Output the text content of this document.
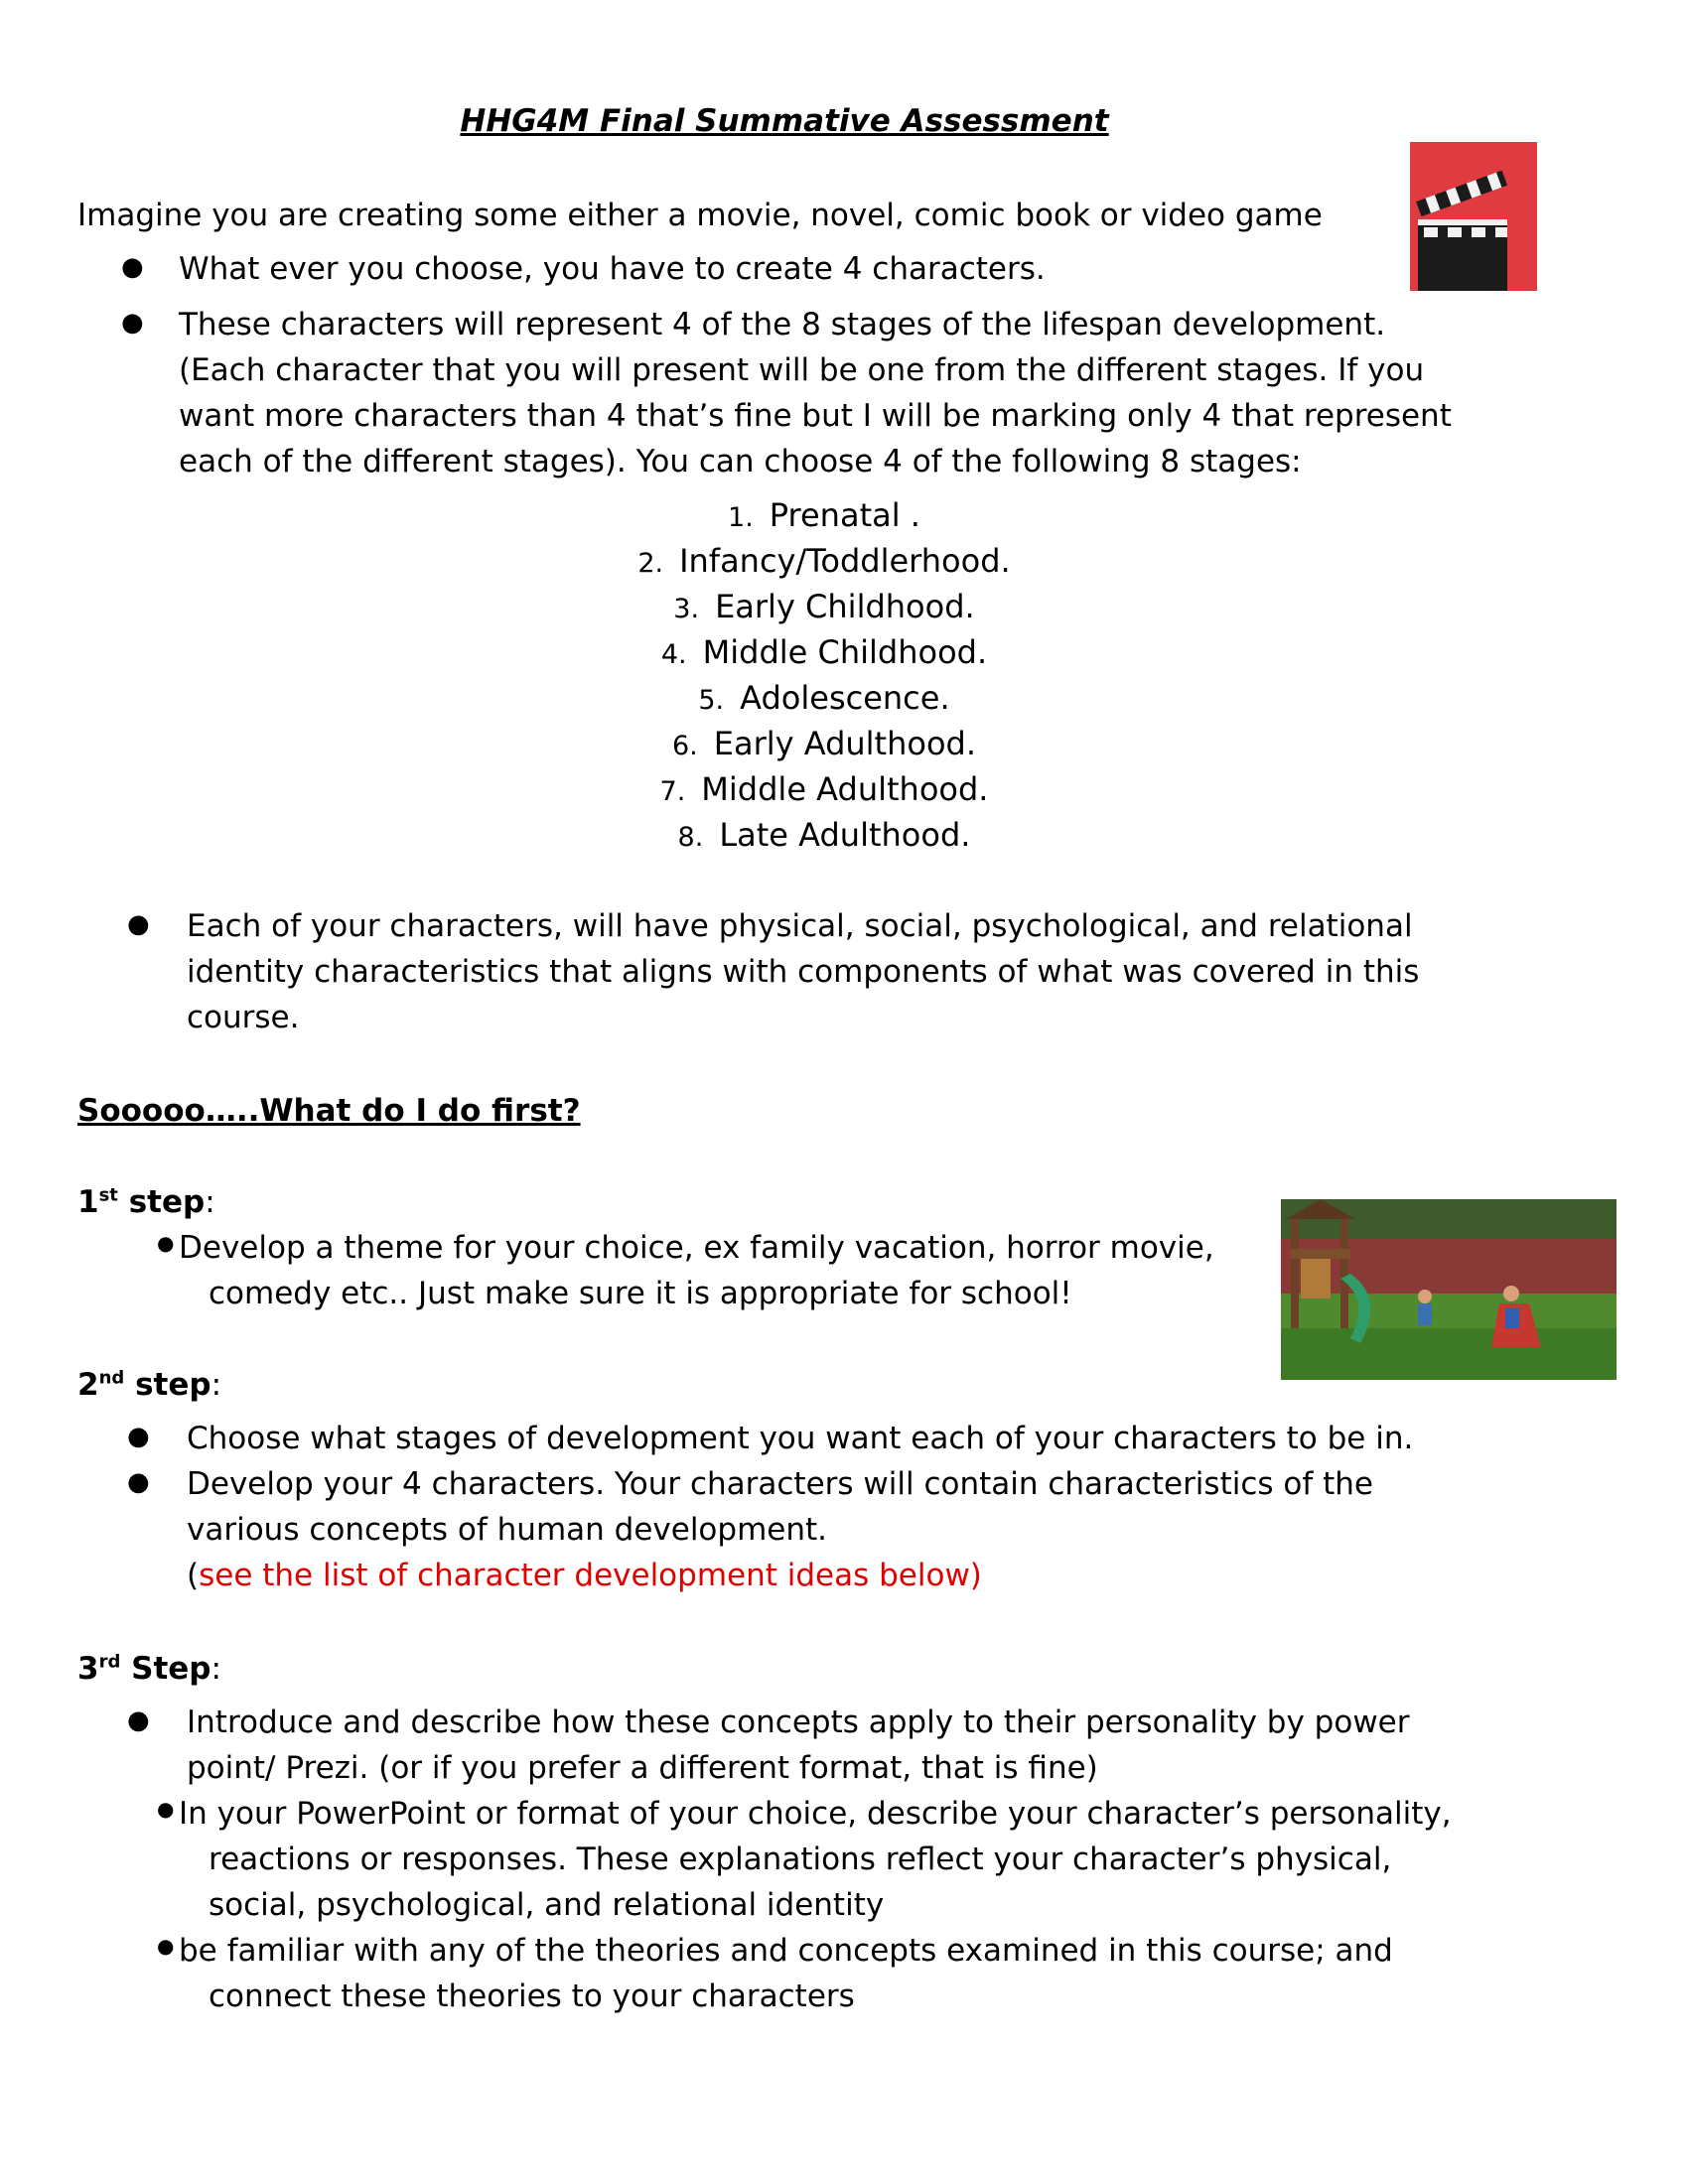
HHG4M Final Summative Assessment
Imagine you are creating some either a movie, novel, comic book or video game
● What ever you choose, you have to create 4 characters.
● These characters will represent 4 of the 8 stages of the lifespan development.
(Each character that you will present will be one from the different stages. If you
want more characters than 4 that’s fine but I will be marking only 4 that represent
each of the different stages). You can choose 4 of the following 8 stages:
1. Prenatal .
2. Infancy/Toddlerhood.
3. Early Childhood.
4. Middle Childhood.
5. Adolescence.
6. Early Adulthood.
7. Middle Adulthood.
8. Late Adulthood.
● Each of your characters, will have physical, social, psychological, and relational
identity characteristics that aligns with components of what was covered in this
course.
Sooooo…..What do I do first?
1st step:
● Develop a theme for your choice, ex family vacation, horror movie,
comedy etc.. Just make sure it is appropriate for school!
2nd step:
● Choose what stages of development you want each of your characters to be in.
● Develop your 4 characters. Your characters will contain characteristics of the
various concepts of human development.
(see the list of character development ideas below)
3rd Step:
● Introduce and describe how these concepts apply to their personality by power
point/ Prezi. (or if you prefer a different format, that is fine)
● In your PowerPoint or format of your choice, describe your character’s personality,
reactions or responses. These explanations reflect your character’s physical,
social, psychological, and relational identity
● be familiar with any of the theories and concepts examined in this course; and
connect these theories to your characters
